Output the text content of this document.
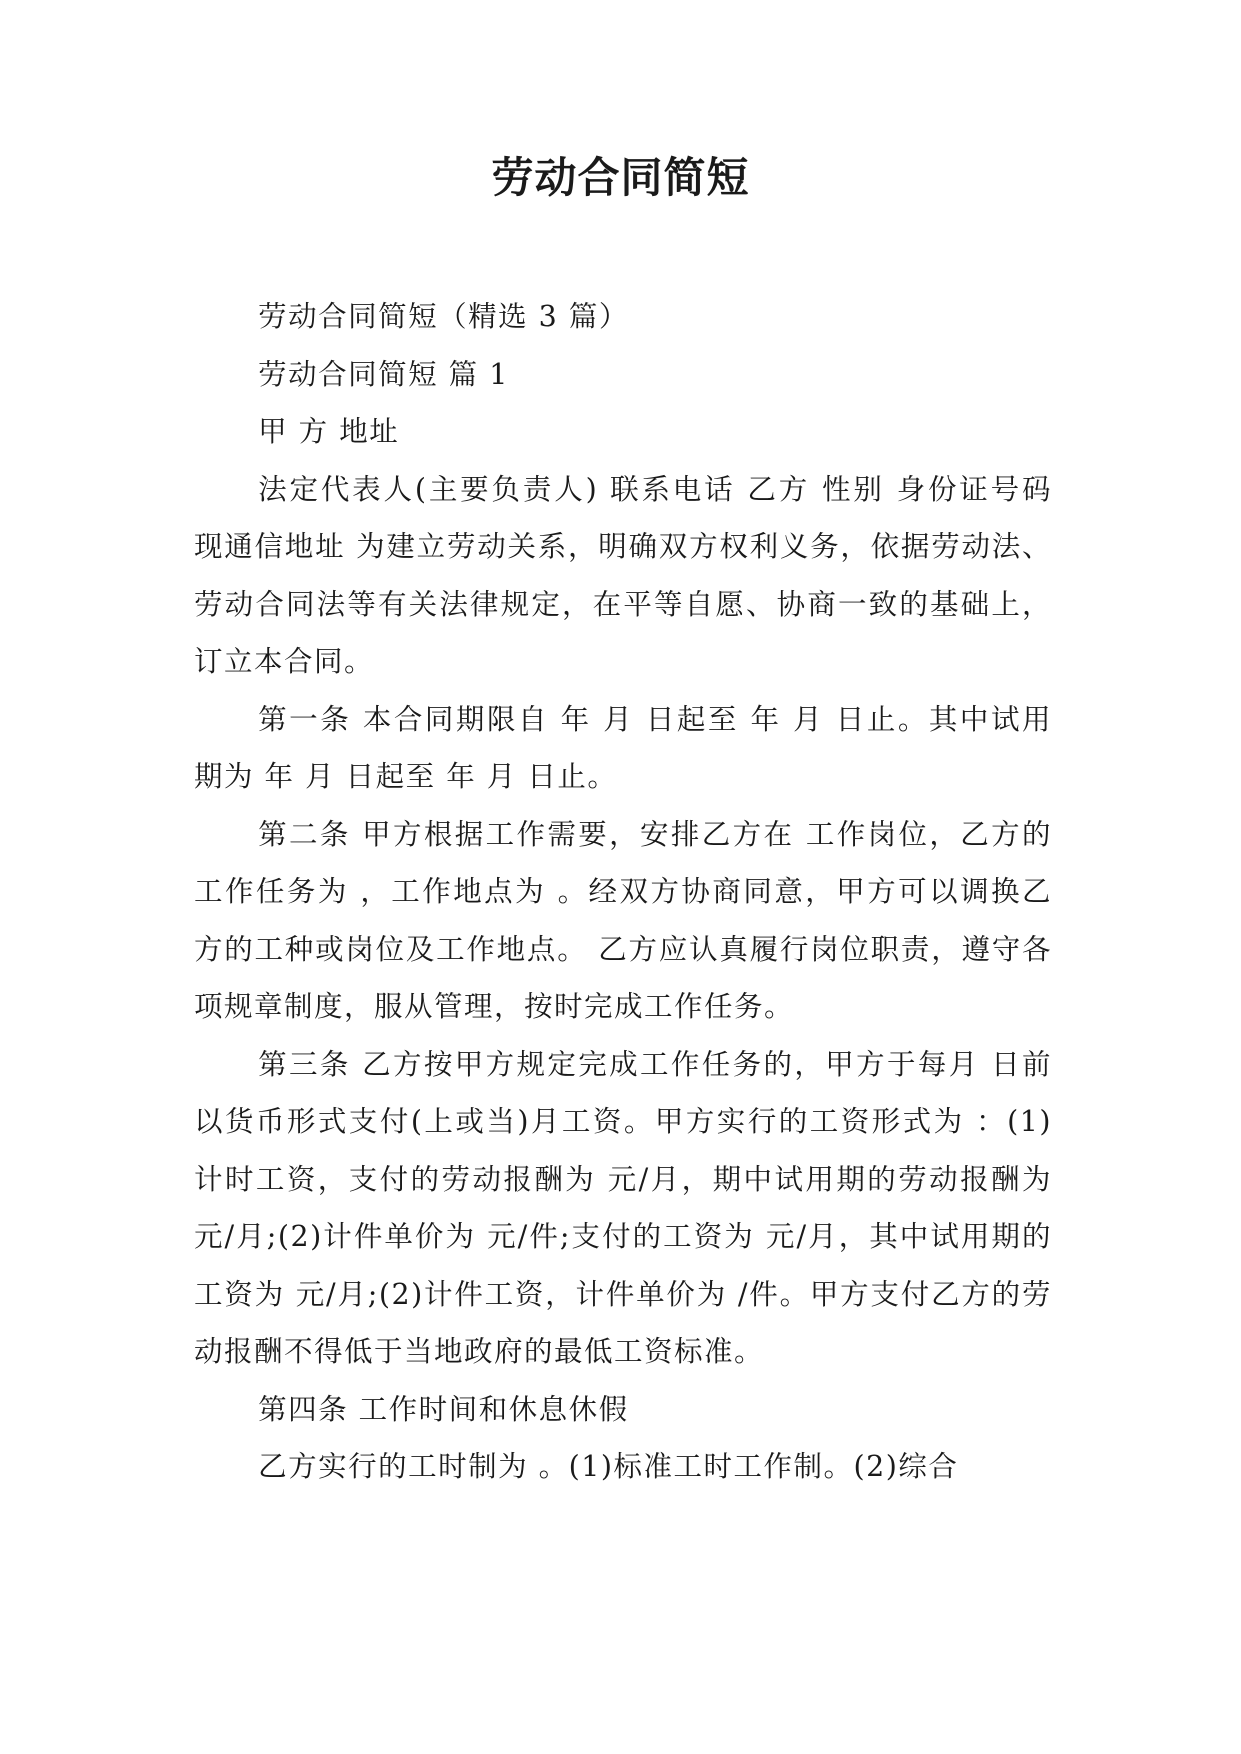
劳动合同简短

劳动合同简短（精选 3 篇）

劳动合同简短 篇 1

甲 方 地址

法定代表人(主要负责人) 联系电话 乙方 性别 身份证号码 现通信地址 为建立劳动关系，明确双方权利义务，依据劳动法、劳动合同法等有关法律规定，在平等自愿、协商一致的基础上，订立本合同。

第一条 本合同期限自 年 月 日起至 年 月 日止。其中试用期为 年 月 日起至 年 月 日止。

第二条 甲方根据工作需要，安排乙方在 工作岗位，乙方的工作任务为 ，工作地点为 。经双方协商同意，甲方可以调换乙方的工种或岗位及工作地点。 乙方应认真履行岗位职责，遵守各项规章制度，服从管理，按时完成工作任务。

第三条 乙方按甲方规定完成工作任务的，甲方于每月 日前以货币形式支付(上或当)月工资。甲方实行的工资形式为 ：(1)计时工资，支付的劳动报酬为 元/月，期中试用期的劳动报酬为 元/月;(2)计件单价为 元/件;支付的工资为 元/月，其中试用期的工资为 元/月;(2)计件工资，计件单价为 /件。甲方支付乙方的劳动报酬不得低于当地政府的最低工资标准。

第四条 工作时间和休息休假

乙方实行的工时制为 。(1)标准工时工作制。(2)综合
